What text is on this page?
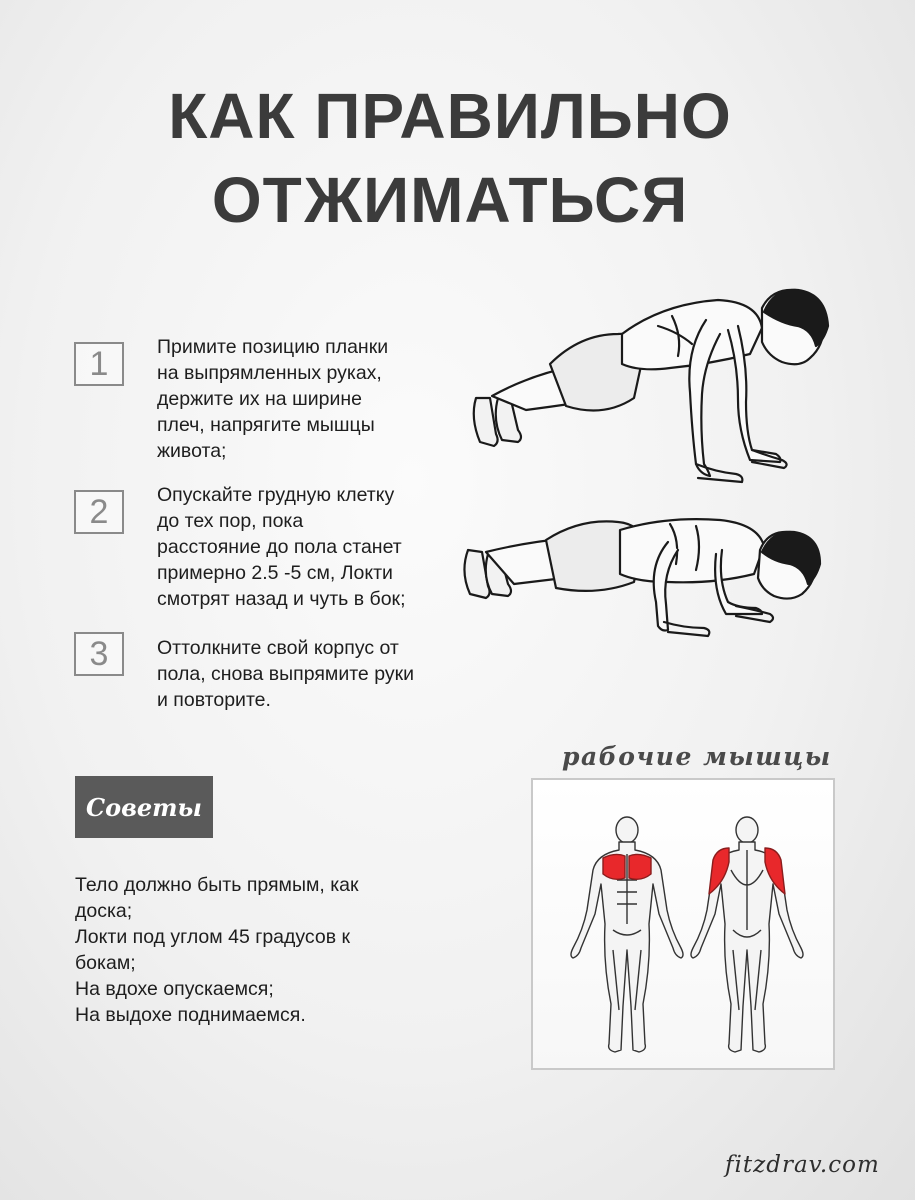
КАК ПРАВИЛЬНО
ОТЖИМАТЬСЯ
1	Примите позицию планки
на выпрямленных руках,
держите их на ширине
плеч, напрягите мышцы
живота;
2	Опускайте грудную клетку
до тех пор, пока
расстояние до пола станет
примерно 2.5 -5 см, Локти
смотрят назад и чуть в бок;
3	Оттолкните свой корпус от
пола, снова выпрямите руки
и повторите.
Советы
Тело должно быть прямым, как
доска;
Локти под углом 45 градусов к
бокам;
На вдохе опускаемся;
На выдохе поднимаемся.
рабочие мышцы
fitzdrav.com
